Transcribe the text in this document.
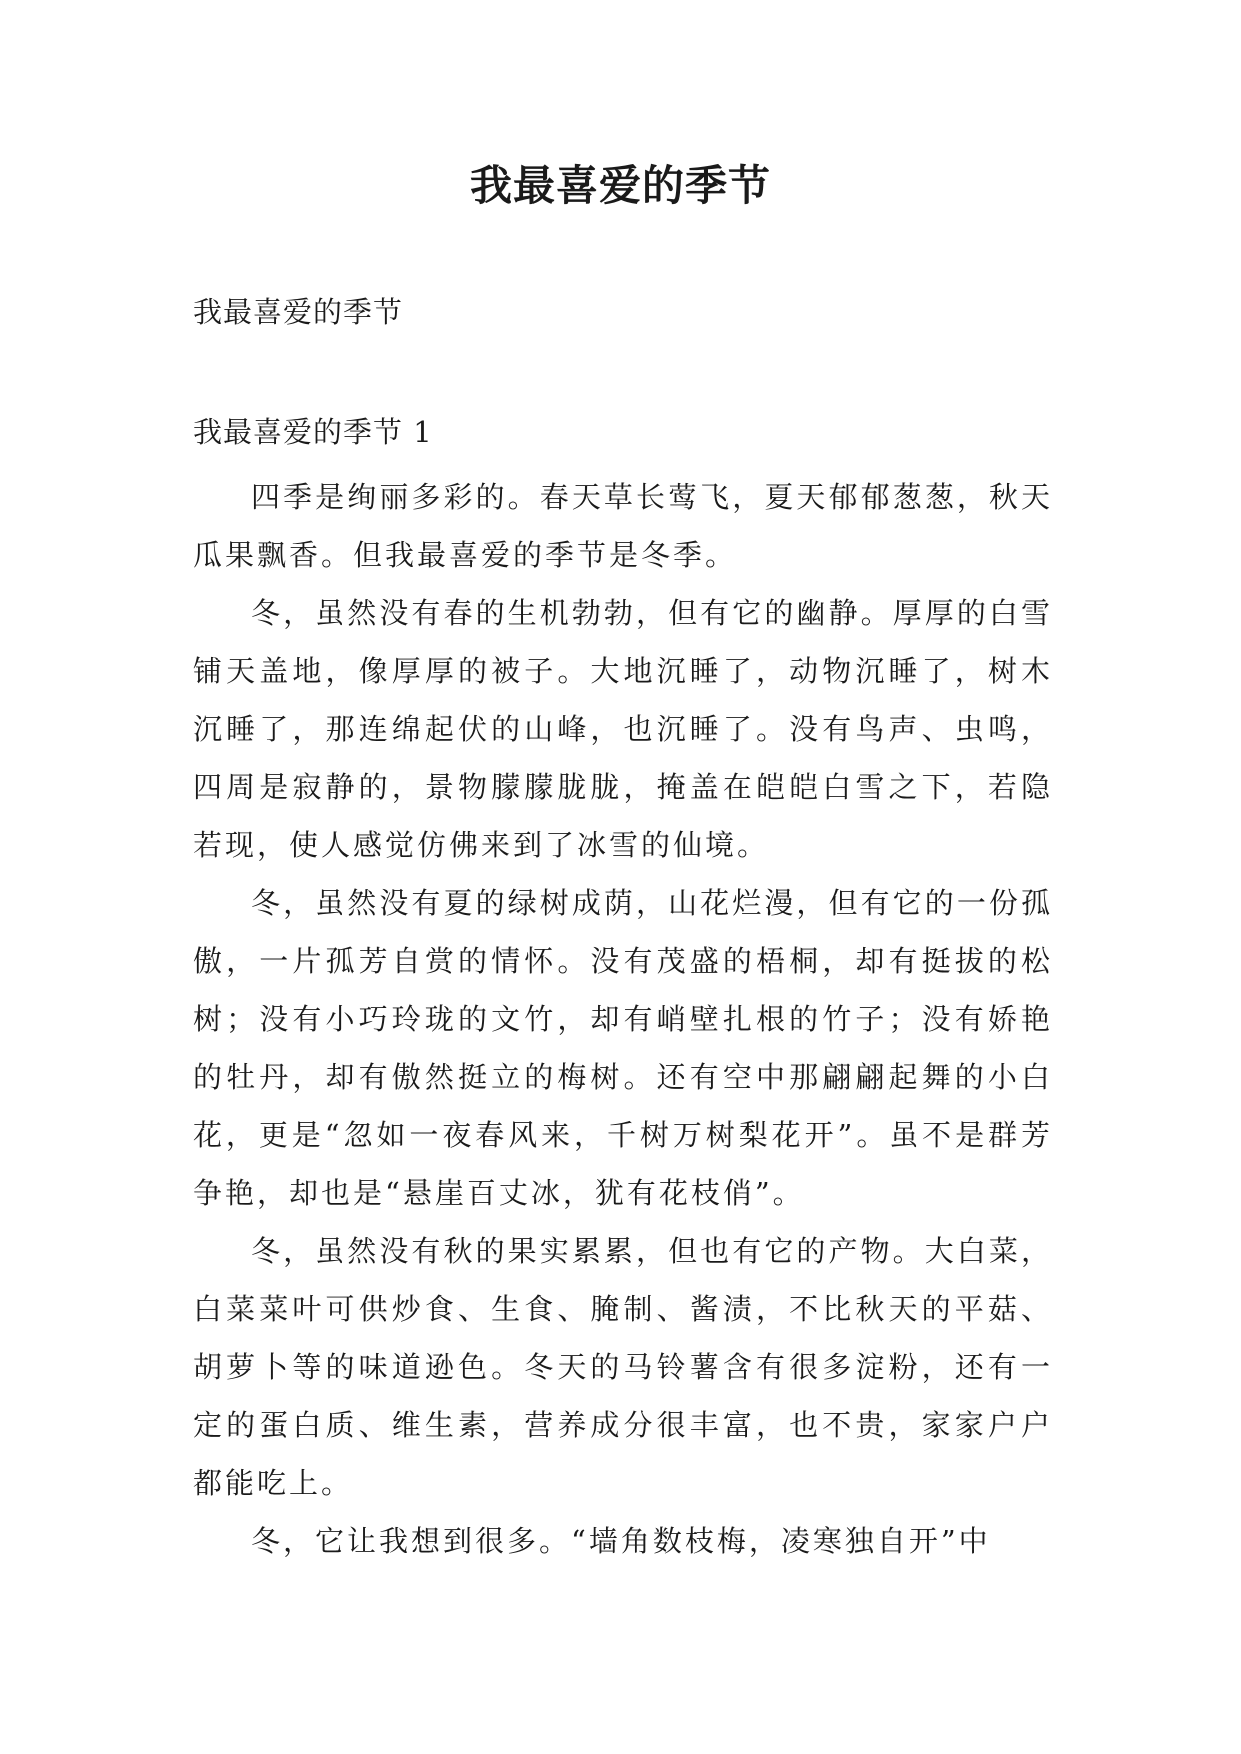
我最喜爱的季节

我最喜爱的季节

我最喜爱的季节 1

四季是绚丽多彩的。春天草长莺飞，夏天郁郁葱葱，秋天瓜果飘香。但我最喜爱的季节是冬季。

冬，虽然没有春的生机勃勃，但有它的幽静。厚厚的白雪铺天盖地，像厚厚的被子。大地沉睡了，动物沉睡了，树木沉睡了，那连绵起伏的山峰，也沉睡了。没有鸟声、虫鸣，四周是寂静的，景物朦朦胧胧，掩盖在皑皑白雪之下，若隐若现，使人感觉仿佛来到了冰雪的仙境。

冬，虽然没有夏的绿树成荫，山花烂漫，但有它的一份孤傲，一片孤芳自赏的情怀。没有茂盛的梧桐，却有挺拔的松树；没有小巧玲珑的文竹，却有峭壁扎根的竹子；没有娇艳的牡丹，却有傲然挺立的梅树。还有空中那翩翩起舞的小白花，更是“忽如一夜春风来，千树万树梨花开”。虽不是群芳争艳，却也是“悬崖百丈冰，犹有花枝俏”。

冬，虽然没有秋的果实累累，但也有它的产物。大白菜，白菜菜叶可供炒食、生食、腌制、酱渍，不比秋天的平菇、胡萝卜等的味道逊色。冬天的马铃薯含有很多淀粉，还有一定的蛋白质、维生素，营养成分很丰富，也不贵，家家户户都能吃上。

冬，它让我想到很多。“墙角数枝梅，凌寒独自开”中
